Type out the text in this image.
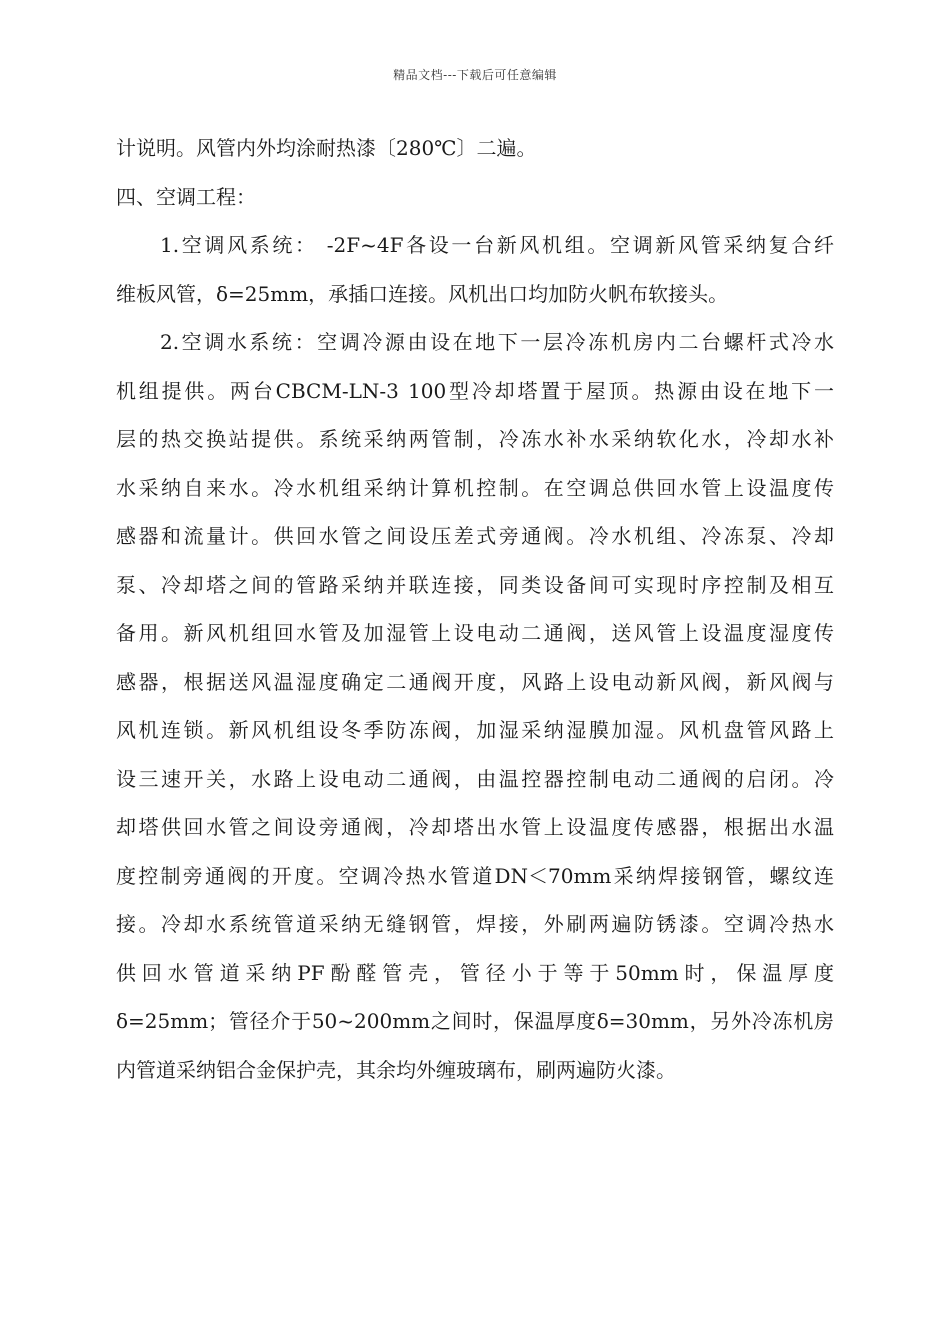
精品文档---下载后可任意编辑
计说明。风管内外均涂耐热漆〔280℃〕二遍。
四、空调工程：
1.空调风系统： -2F~4F各设一台新风机组。空调新风管采纳复合纤
维板风管，δ=25mm，承插口连接。风机出口均加防火帆布软接头。
2.空调水系统：空调冷源由设在地下一层冷冻机房内二台螺杆式冷水
机组提供。两台CBCM-LN-3 100型冷却塔置于屋顶。热源由设在地下一
层的热交换站提供。系统采纳两管制，冷冻水补水采纳软化水，冷却水补
水采纳自来水。冷水机组采纳计算机控制。在空调总供回水管上设温度传
感器和流量计。供回水管之间设压差式旁通阀。冷水机组、冷冻泵、冷却
泵、冷却塔之间的管路采纳并联连接，同类设备间可实现时序控制及相互
备用。新风机组回水管及加湿管上设电动二通阀，送风管上设温度湿度传
感器，根据送风温湿度确定二通阀开度，风路上设电动新风阀，新风阀与
风机连锁。新风机组设冬季防冻阀，加湿采纳湿膜加湿。风机盘管风路上
设三速开关，水路上设电动二通阀，由温控器控制电动二通阀的启闭。冷
却塔供回水管之间设旁通阀，冷却塔出水管上设温度传感器，根据出水温
度控制旁通阀的开度。空调冷热水管道DN＜70mm采纳焊接钢管，螺纹连
接。冷却水系统管道采纳无缝钢管，焊接，外刷两遍防锈漆。空调冷热水
供回水管道采纳PF酚醛管壳，管径小于等于50mm时，保温厚度
δ=25mm；管径介于50~200mm之间时，保温厚度δ=30mm，另外冷冻机房
内管道采纳铝合金保护壳，其余均外缠玻璃布，刷两遍防火漆。
